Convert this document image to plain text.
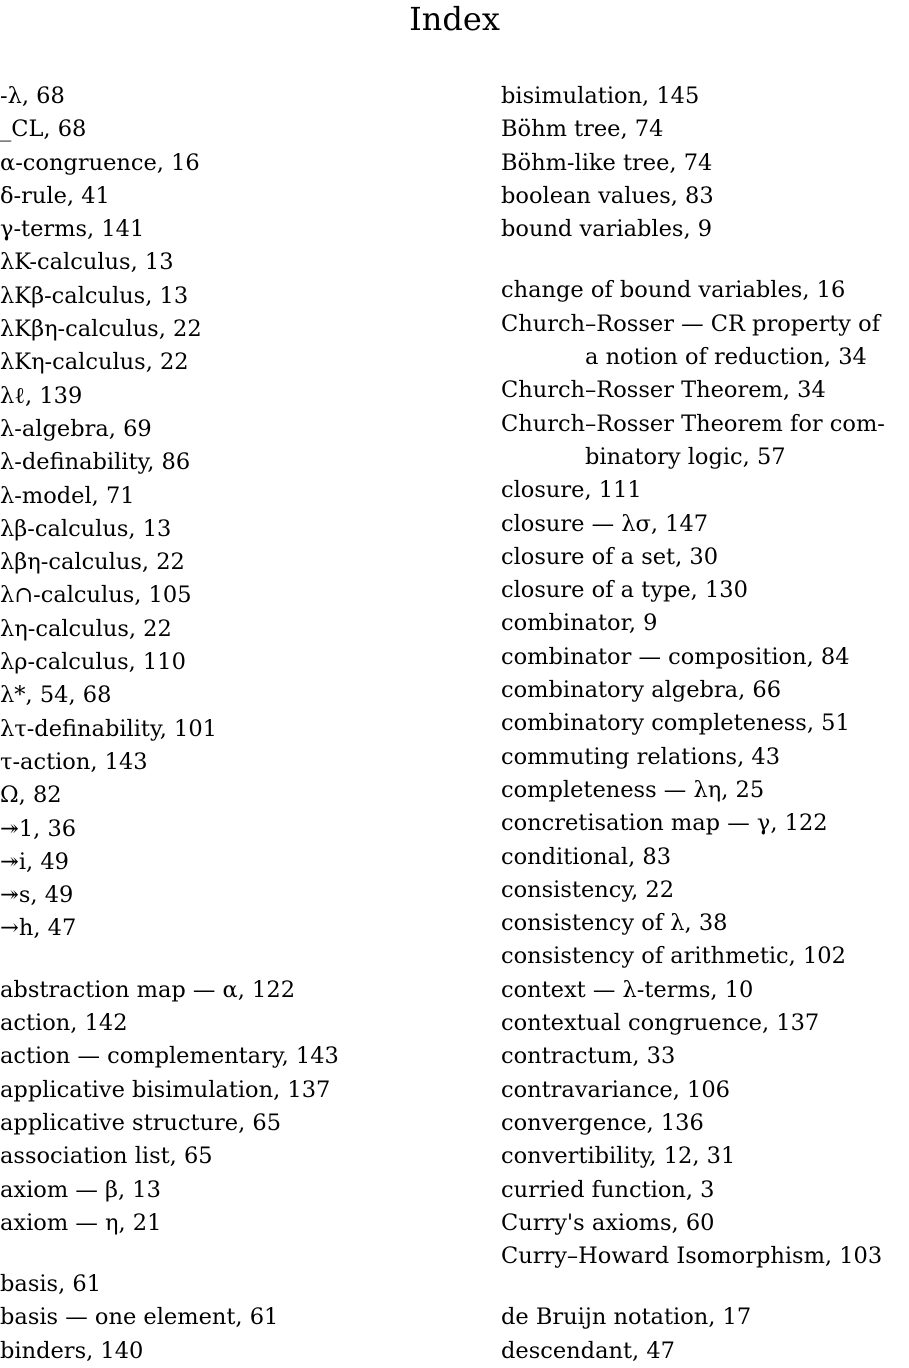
Index
-λ, 68
_CL, 68
α-congruence, 16
δ-rule, 41
γ-terms, 141
λK-calculus, 13
λKβ-calculus, 13
λKβη-calculus, 22
λKη-calculus, 22
λℓ, 139
λ-algebra, 69
λ-definability, 86
λ-model, 71
λβ-calculus, 13
λβη-calculus, 22
λ∩-calculus, 105
λη-calculus, 22
λρ-calculus, 110
λ*, 54, 68
λτ-definability, 101
τ-action, 143
Ω, 82
↠1, 36
↠i, 49
↠s, 49
→h, 47
abstraction map — α, 122
action, 142
action — complementary, 143
applicative bisimulation, 137
applicative structure, 65
association list, 65
axiom — β, 13
axiom — η, 21
basis, 61
basis — one element, 61
binders, 140
bisimulation, 145
Böhm tree, 74
Böhm-like tree, 74
boolean values, 83
bound variables, 9
change of bound variables, 16
Church–Rosser — CR property of
a notion of reduction, 34
Church–Rosser Theorem, 34
Church–Rosser Theorem for com-
binatory logic, 57
closure, 111
closure — λσ, 147
closure of a set, 30
closure of a type, 130
combinator, 9
combinator — composition, 84
combinatory algebra, 66
combinatory completeness, 51
commuting relations, 43
completeness — λη, 25
concretisation map — γ, 122
conditional, 83
consistency, 22
consistency of λ, 38
consistency of arithmetic, 102
context — λ-terms, 10
contextual congruence, 137
contractum, 33
contravariance, 106
convergence, 136
convertibility, 12, 31
curried function, 3
Curry's axioms, 60
Curry–Howard Isomorphism, 103
de Bruijn notation, 17
descendant, 47
